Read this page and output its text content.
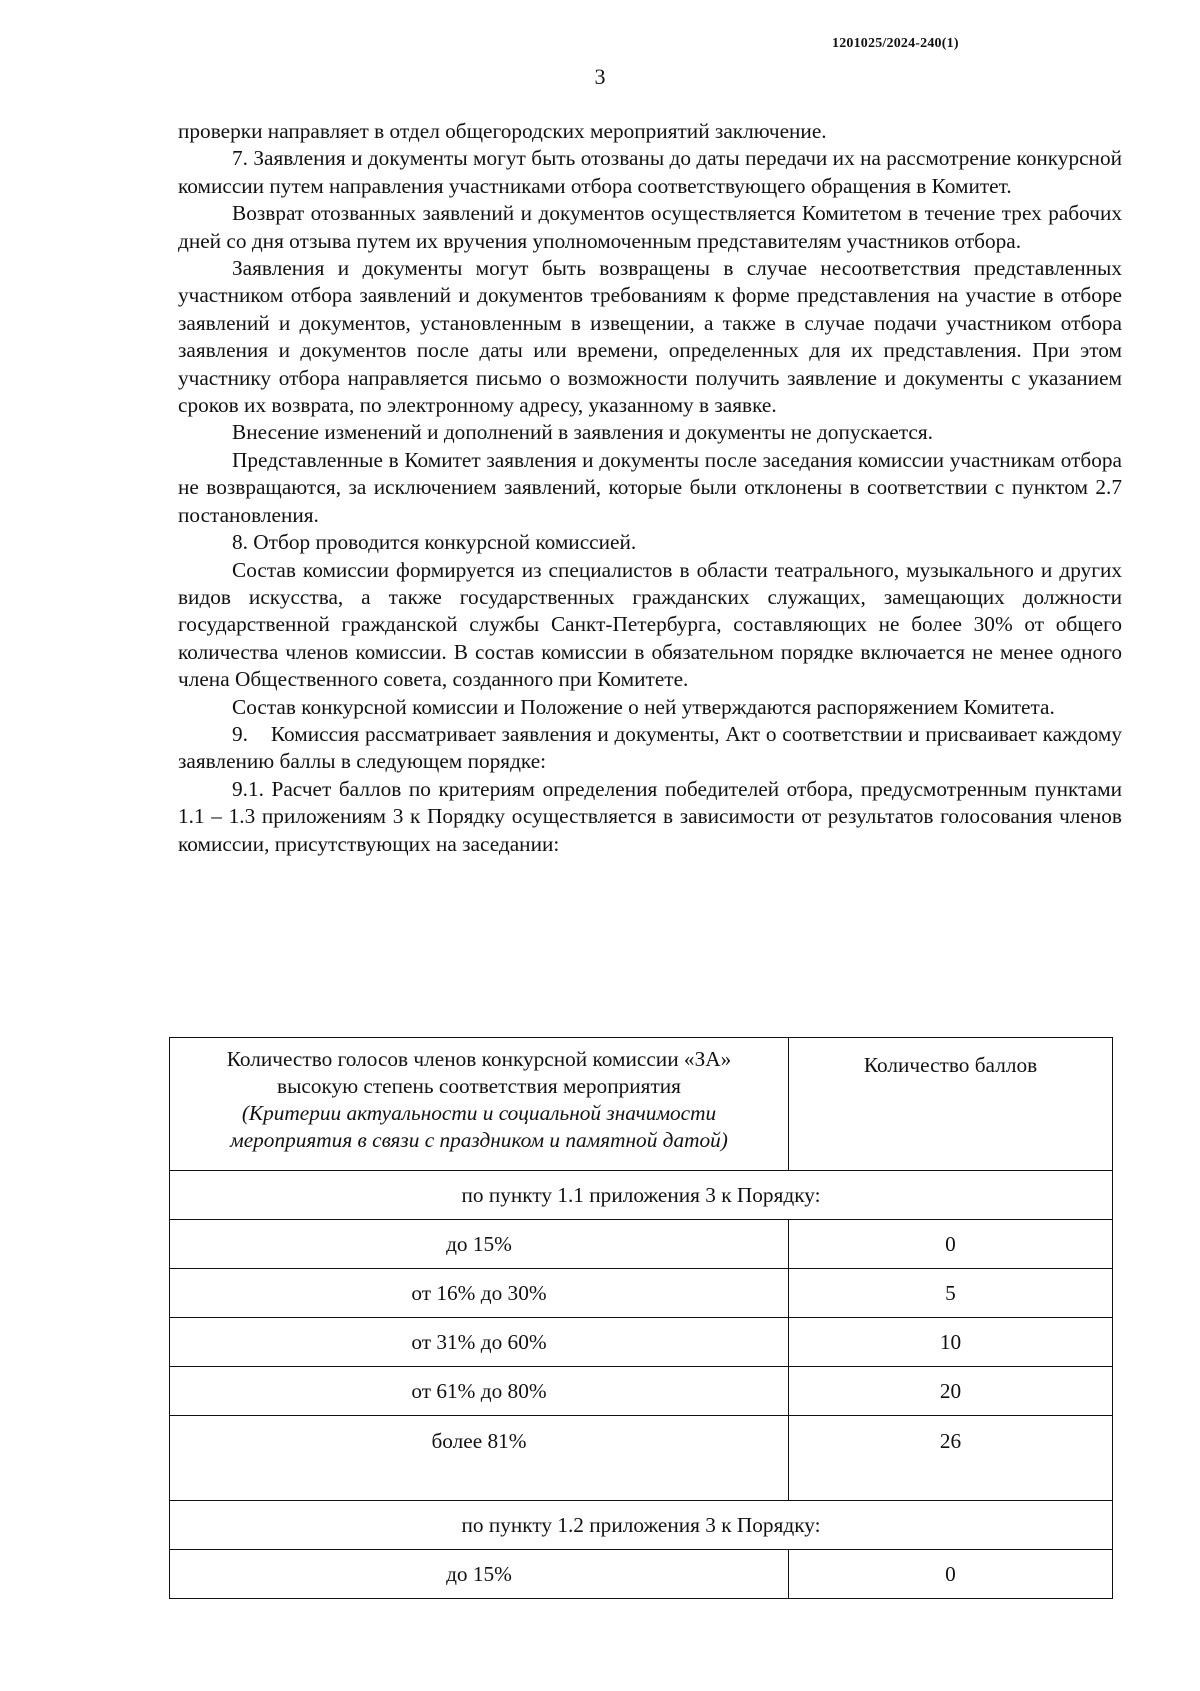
1201025/2024-240(1)
3

проверки направляет в отдел общегородских мероприятий заключение.

7. Заявления и документы могут быть отозваны до даты передачи их на рассмотрение конкурсной комиссии путем направления участниками отбора соответствующего обращения в Комитет.

Возврат отозванных заявлений и документов осуществляется Комитетом в течение трех рабочих дней со дня отзыва путем их вручения уполномоченным представителям участников отбора.

Заявления и документы могут быть возвращены в случае несоответствия представленных участником отбора заявлений и документов требованиям к форме представления на участие в отборе заявлений и документов, установленным в извещении, а также в случае подачи участником отбора заявления и документов после даты или времени, определенных для их представления. При этом участнику отбора направляется письмо о возможности получить заявление и документы с указанием сроков их возврата, по электронному адресу, указанному в заявке.

Внесение изменений и дополнений в заявления и документы не допускается.

Представленные в Комитет заявления и документы после заседания комиссии участникам отбора не возвращаются, за исключением заявлений, которые были отклонены в соответствии с пунктом 2.7 постановления.

8. Отбор проводится конкурсной комиссией.

Состав комиссии формируется из специалистов в области театрального, музыкального и других видов искусства, а также государственных гражданских служащих, замещающих должности государственной гражданской службы Санкт-Петербурга, составляющих не более 30% от общего количества членов комиссии. В состав комиссии в обязательном порядке включается не менее одного члена Общественного совета, созданного при Комитете.

Состав конкурсной комиссии и Положение о ней утверждаются распоряжением Комитета.

9.    Комиссия рассматривает заявления и документы, Акт о соответствии и присваивает каждому заявлению баллы в следующем порядке:

9.1. Расчет баллов по критериям определения победителей отбора, предусмотренным пунктами 1.1 – 1.3 приложениям 3 к Порядку осуществляется в зависимости от результатов голосования членов комиссии, присутствующих на заседании:

Количество голосов членов конкурсной комиссии «ЗА» высокую степень соответствия мероприятия
(Критерии актуальности и социальной значимости мероприятия в связи с праздником и памятной датой)	Количество баллов
по пункту 1.1 приложения 3 к Порядку:	
до 15%	0
от 16% до 30%	5
от 31% до 60%	10
от 61% до 80%	20
более 81%	26
по пункту 1.2 приложения 3 к Порядку:	
до 15%	0
